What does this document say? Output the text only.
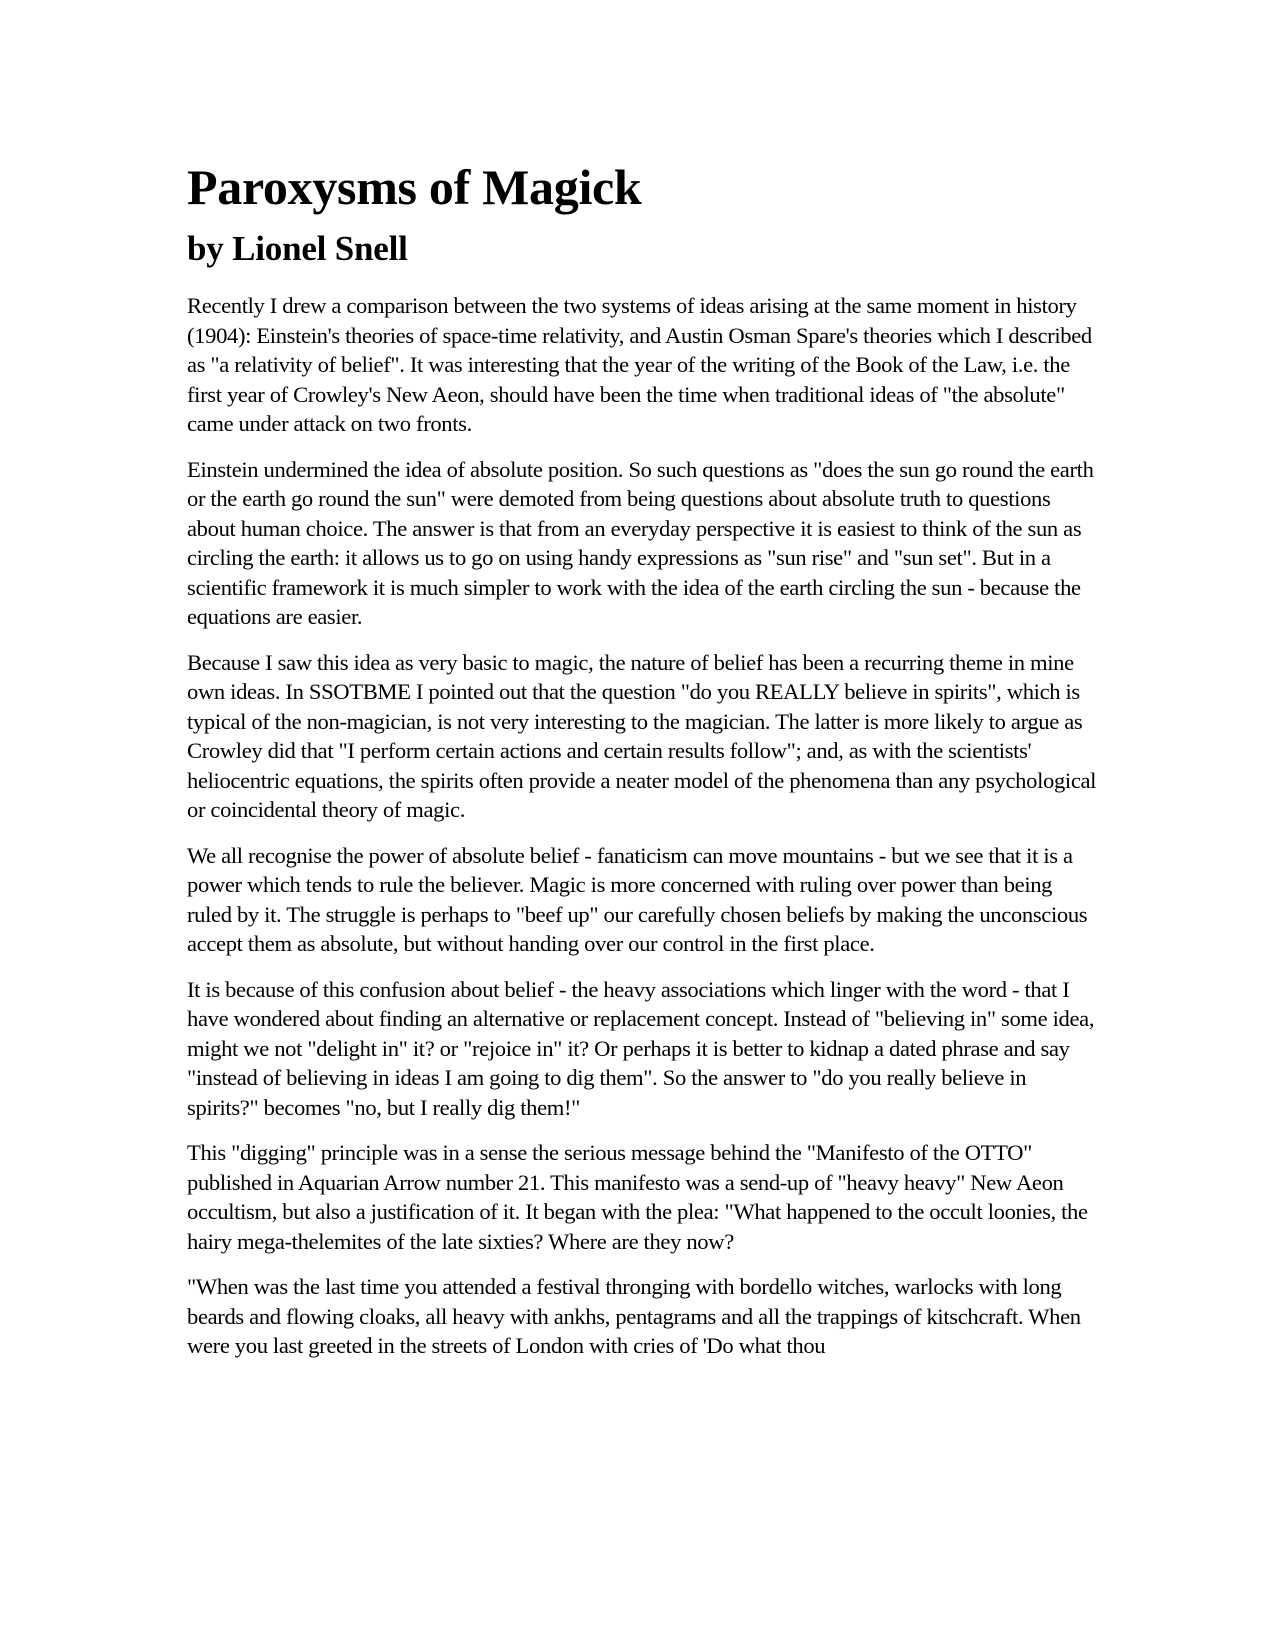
Paroxysms of Magick
by Lionel Snell

Recently I drew a comparison between the two systems of ideas arising at the same moment in history (1904): Einstein's theories of space-time relativity, and Austin Osman Spare's theories which I described as "a relativity of belief". It was interesting that the year of the writing of the Book of the Law, i.e. the first year of Crowley's New Aeon, should have been the time when traditional ideas of "the absolute" came under attack on two fronts.

Einstein undermined the idea of absolute position. So such questions as "does the sun go round the earth or the earth go round the sun" were demoted from being questions about absolute truth to questions about human choice. The answer is that from an everyday perspective it is easiest to think of the sun as circling the earth: it allows us to go on using handy expressions as "sun rise" and "sun set". But in a scientific framework it is much simpler to work with the idea of the earth circling the sun - because the equations are easier.

Because I saw this idea as very basic to magic, the nature of belief has been a recurring theme in mine own ideas. In SSOTBME I pointed out that the question "do you REALLY believe in spirits", which is typical of the non-magician, is not very interesting to the magician. The latter is more likely to argue as Crowley did that "I perform certain actions and certain results follow"; and, as with the scientists' heliocentric equations, the spirits often provide a neater model of the phenomena than any psychological or coincidental theory of magic.

We all recognise the power of absolute belief - fanaticism can move mountains - but we see that it is a power which tends to rule the believer. Magic is more concerned with ruling over power than being ruled by it. The struggle is perhaps to "beef up" our carefully chosen beliefs by making the unconscious accept them as absolute, but without handing over our control in the first place.

It is because of this confusion about belief - the heavy associations which linger with the word - that I have wondered about finding an alternative or replacement concept. Instead of "believing in" some idea, might we not "delight in" it? or "rejoice in" it? Or perhaps it is better to kidnap a dated phrase and say "instead of believing in ideas I am going to dig them". So the answer to "do you really believe in spirits?" becomes "no, but I really dig them!"

This "digging" principle was in a sense the serious message behind the "Manifesto of the OTTO" published in Aquarian Arrow number 21. This manifesto was a send-up of "heavy heavy" New Aeon occultism, but also a justification of it. It began with the plea: "What happened to the occult loonies, the hairy mega-thelemites of the late sixties? Where are they now?

"When was the last time you attended a festival thronging with bordello witches, warlocks with long beards and flowing cloaks, all heavy with ankhs, pentagrams and all the trappings of kitschcraft. When were you last greeted in the streets of London with cries of 'Do what thou
